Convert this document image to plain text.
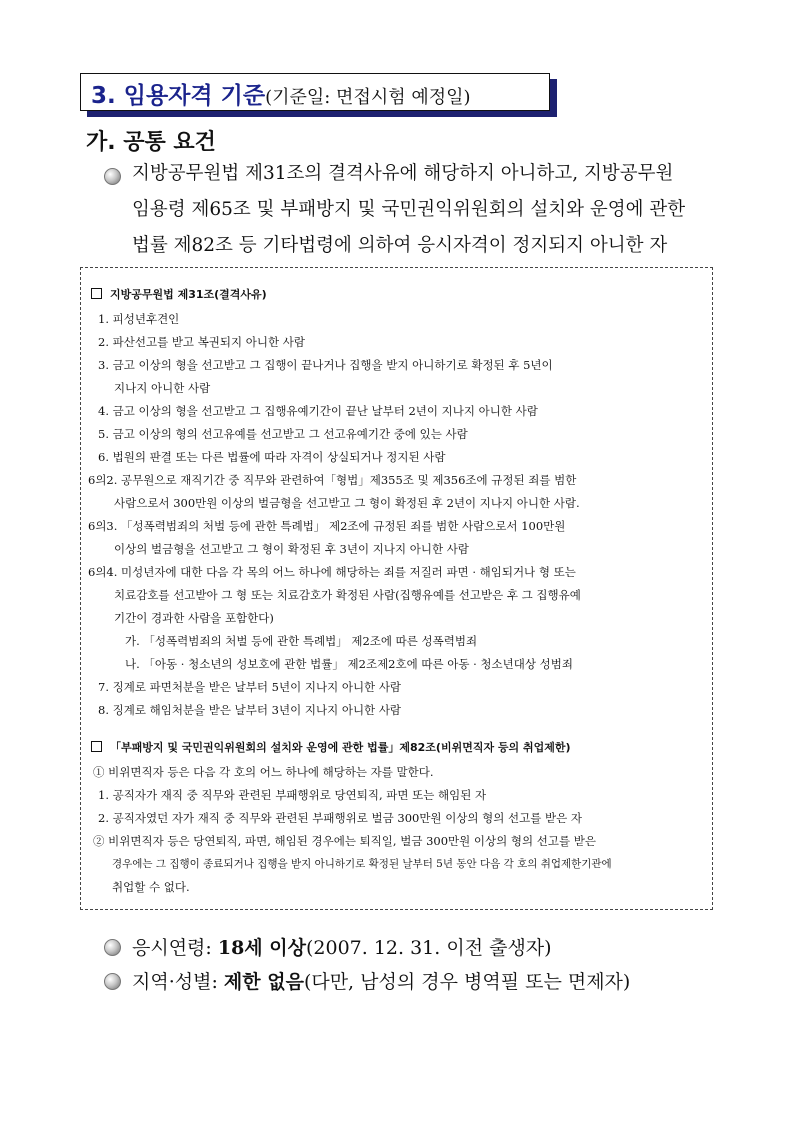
3. 임용자격 기준(기준일: 면접시험 예정일)
가. 공통 요건
지방공무원법 제31조의 결격사유에 해당하지 아니하고, 지방공무원
임용령 제65조 및 부패방지 및 국민권익위원회의 설치와 운영에 관한
법률 제82조 등 기타법령에 의하여 응시자격이 정지되지 아니한 자
지방공무원법 제31조(결격사유)
1. 피성년후견인
2. 파산선고를 받고 복권되지 아니한 사람
3. 금고 이상의 형을 선고받고 그 집행이 끝나거나 집행을 받지 아니하기로 확정된 후 5년이
지나지 아니한 사람
4. 금고 이상의 형을 선고받고 그 집행유예기간이 끝난 날부터 2년이 지나지 아니한 사람
5. 금고 이상의 형의 선고유예를 선고받고 그 선고유예기간 중에 있는 사람
6. 법원의 판결 또는 다른 법률에 따라 자격이 상실되거나 정지된 사람
6의2. 공무원으로 재직기간 중 직무와 관련하여「형법」제355조 및 제356조에 규정된 죄를 범한
사람으로서 300만원 이상의 벌금형을 선고받고 그 형이 확정된 후 2년이 지나지 아니한 사람.
6의3. 「성폭력범죄의 처벌 등에 관한 특례법」 제2조에 규정된 죄를 범한 사람으로서 100만원
이상의 벌금형을 선고받고 그 형이 확정된 후 3년이 지나지 아니한 사람
6의4. 미성년자에 대한 다음 각 목의 어느 하나에 해당하는 죄를 저질러 파면 · 해임되거나 형 또는
치료감호를 선고받아 그 형 또는 치료감호가 확정된 사람(집행유예를 선고받은 후 그 집행유예
기간이 경과한 사람을 포함한다)
가. 「성폭력범죄의 처벌 등에 관한 특례법」 제2조에 따른 성폭력범죄
나. 「아동 · 청소년의 성보호에 관한 법률」 제2조제2호에 따른 아동 · 청소년대상 성범죄
7. 징계로 파면처분을 받은 날부터 5년이 지나지 아니한 사람
8. 징계로 해임처분을 받은 날부터 3년이 지나지 아니한 사람
「부패방지 및 국민권익위원회의 설치와 운영에 관한 법률」제82조(비위면직자 등의 취업제한)
① 비위면직자 등은 다음 각 호의 어느 하나에 해당하는 자를 말한다.
1. 공직자가 재직 중 직무와 관련된 부패행위로 당연퇴직, 파면 또는 해임된 자
2. 공직자였던 자가 재직 중 직무와 관련된 부패행위로 벌금 300만원 이상의 형의 선고를 받은 자
② 비위면직자 등은 당연퇴직, 파면, 해임된 경우에는 퇴직일, 벌금 300만원 이상의 형의 선고를 받은
경우에는 그 집행이 종료되거나 집행을 받지 아니하기로 확정된 날부터 5년 동안 다음 각 호의 취업제한기관에
취업할 수 없다.
응시연령: 18세 이상(2007. 12. 31. 이전 출생자)
지역·성별: 제한 없음(다만, 남성의 경우 병역필 또는 면제자)
